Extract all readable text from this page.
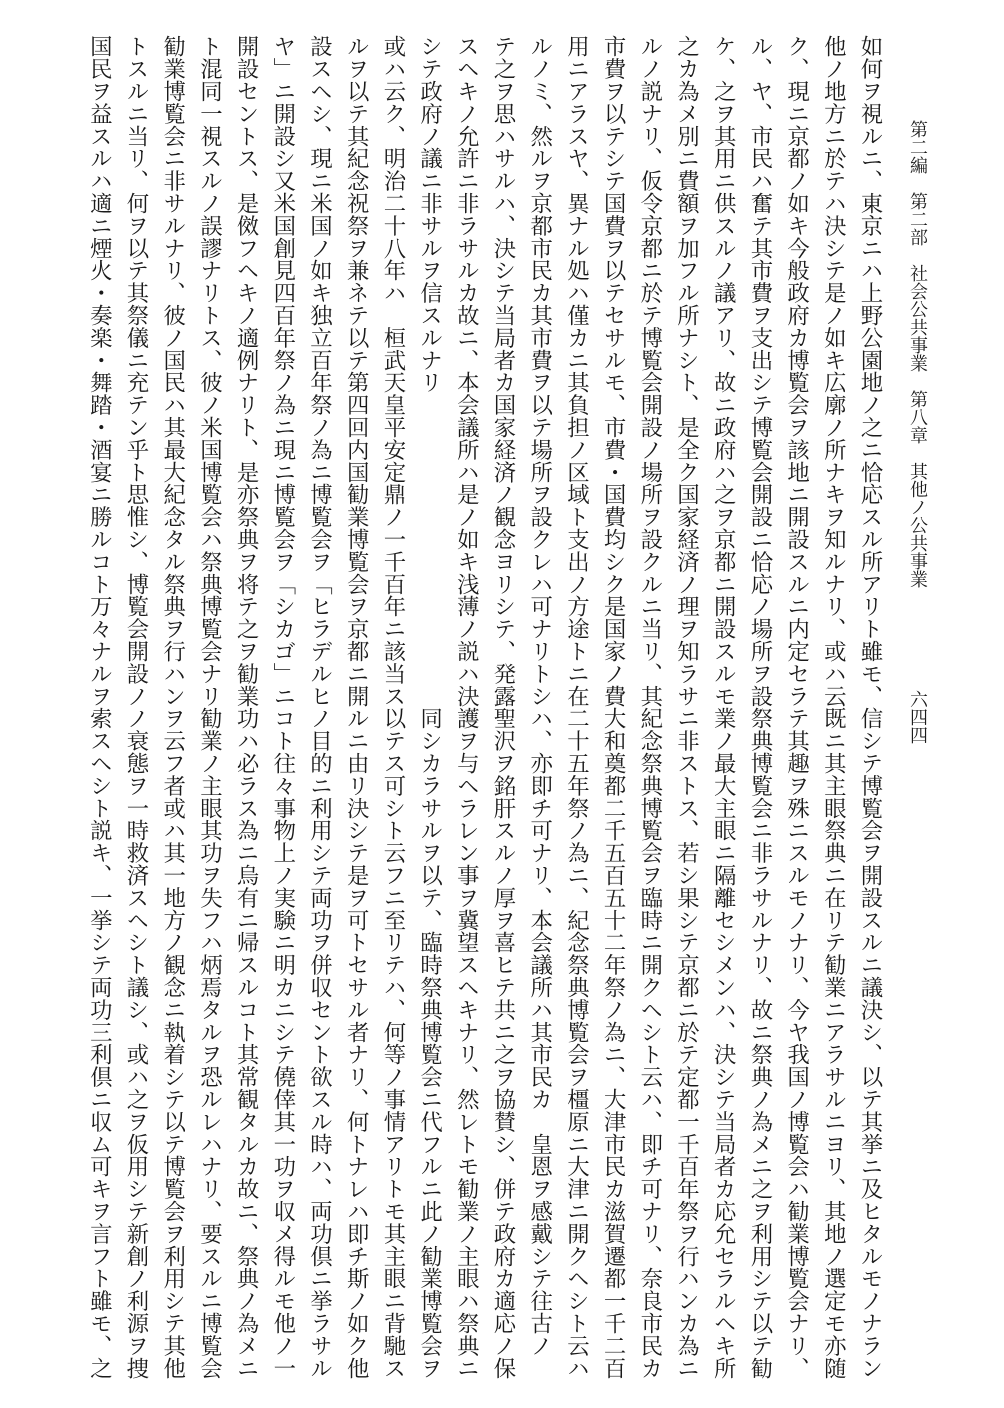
第二編　第二部　社会公共事業　第八章　其他ノ公共事業
六四四
如何ヲ視ルニ、東京ニハ上野公園地ノ之ニ恰応スル所アリト雖モ、
他ノ地方ニ於テハ決シテ是ノ如キ広廓ノ所ナキヲ知ルナリ、或ハ云
ク、現ニ京都ノ如キ今般政府カ博覧会ヲ該地ニ開設スルニ内定セラ
ル、ヤ、市民ハ奮テ其市費ヲ支出シテ博覧会開設ニ恰応ノ場所ヲ設
ケ、之ヲ其用ニ供スルノ議アリ、故ニ政府ハ之ヲ京都ニ開設スルモ
之カ為メ別ニ費額ヲ加フル所ナシト、是全ク国家経済ノ理ヲ知ラサ
ルノ説ナリ、仮令京都ニ於テ博覧会開設ノ場所ヲ設クルニ当リ、其
市費ヲ以テシテ国費ヲ以テセサルモ、市費・国費均シク是国家ノ費
用ニアラスヤ、異ナル処ハ僅カニ其負担ノ区域ト支出ノ方途トニ在
ルノミ、然ルヲ京都市民カ其市費ヲ以テ場所ヲ設クレハ可ナリトシ
テ之ヲ思ハサルハ、決シテ当局者カ国家経済ノ観念ヨリシテ、発露
スヘキノ允許ニ非ラサルカ故ニ、本会議所ハ是ノ如キ浅薄ノ説ハ決
シテ政府ノ議ニ非サルヲ信スルナリ
或ハ云ク、明治二十八年ハ　桓武天皇平安定鼎ノ一千百年ニ該当ス
ルヲ以テ其紀念祝祭ヲ兼ネテ以テ第四回内国勧業博覧会ヲ京都ニ開
設スヘシ、現ニ米国ノ如キ独立百年祭ノ為ニ博覧会ヲ「ヒラデルヒ
ヤ」ニ開設シ又米国創見四百年祭ノ為ニ現ニ博覧会ヲ「シカゴ」ニ
開設セントス、是傚フヘキノ適例ナリト、是亦祭典ヲ将テ之ヲ勧業
ト混同一視スルノ誤謬ナリトス、彼ノ米国博覧会ハ祭典博覧会ナリ
勧業博覧会ニ非サルナリ、彼ノ国民ハ其最大紀念タル祭典ヲ行ハン
トスルニ当リ、何ヲ以テ其祭儀ニ充テン乎ト思惟シ、博覧会開設ノ
国民ヲ益スルハ適ニ煙火・奏楽・舞踏・酒宴ニ勝ルコト万々ナルヲ
信シテ博覧会ヲ開設スルニ議決シ、以テ其挙ニ及ヒタルモノナラン
既ニ其主眼祭典ニ在リテ勧業ニアラサルニヨリ、其地ノ選定モ亦随
テ其趣ヲ殊ニスルモノナリ、今ヤ我国ノ博覧会ハ勧業博覧会ナリ、
祭典博覧会ニ非ラサルナリ、故ニ祭典ノ為メニ之ヲ利用シテ以テ勧
業ノ最大主眼ニ隔離セシメンハ、決シテ当局者カ応允セラルヘキ所
ニ非ストス、若シ果シテ京都ニ於テ定都一千百年祭ヲ行ハンカ為ニ
紀念祭典博覧会ヲ臨時ニ開クヘシト云ハ、即チ可ナリ、奈良市民カ
大和奠都二千五百五十二年祭ノ為ニ、大津市民カ滋賀遷都一千二百
二十五年祭ノ為ニ、紀念祭典博覧会ヲ橿原ニ大津ニ開クヘシト云ハ
ハ、亦即チ可ナリ、本会議所ハ其市民カ　皇恩ヲ感戴シテ往古ノ
聖沢ヲ銘肝スルノ厚ヲ喜ヒテ共ニ之ヲ協賛シ、併テ政府カ適応ノ保
護ヲ与ヘラレン事ヲ冀望スヘキナリ、然レトモ勧業ノ主眼ハ祭典ニ
同シカラサルヲ以テ、臨時祭典博覧会ニ代フルニ此ノ勧業博覧会ヲ
以テス可シト云フニ至リテハ、何等ノ事情アリトモ其主眼ニ背馳ス
ルニ由リ決シテ是ヲ可トセサル者ナリ、何トナレハ即チ斯ノ如ク他
ノ目的ニ利用シテ両功ヲ併収セント欲スル時ハ、両功倶ニ挙ラサル
コト往々事物上ノ実験ニ明カニシテ僥倖其一功ヲ収メ得ルモ他ノ一
功ハ必ラス為ニ烏有ニ帰スルコト其常観タルカ故ニ、祭典ノ為メニ
勧業ノ主眼其功ヲ失フハ炳焉タルヲ恐ルレハナリ、要スルニ博覧会
ヲ云フ者或ハ其一地方ノ観念ニ執着シテ以テ博覧会ヲ利用シテ其他
ノ衰態ヲ一時救済スヘシト議シ、或ハ之ヲ仮用シテ新創ノ利源ヲ捜
索スヘシト説キ、一挙シテ両功三利倶ニ収ム可キヲ言フト雖モ、之
